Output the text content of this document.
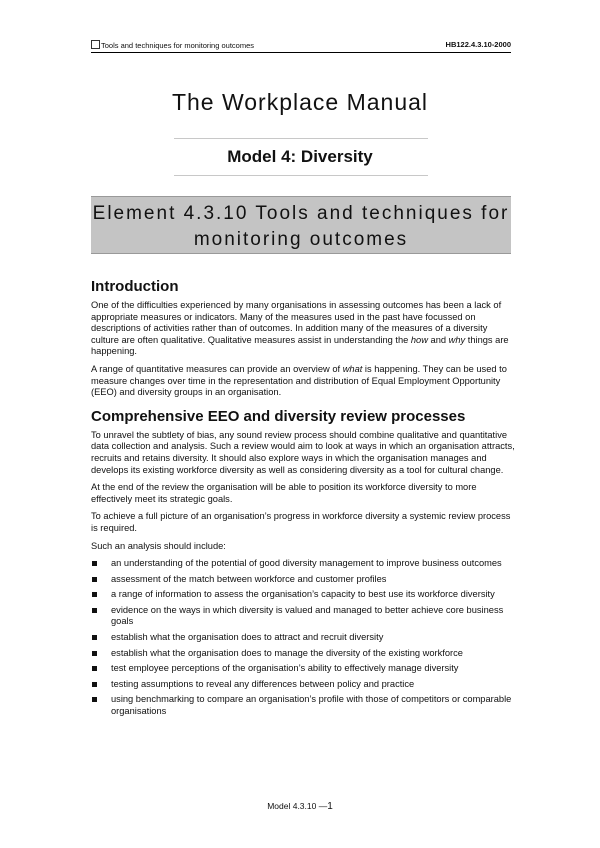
Tools and techniques for monitoring outcomes	HB122.4.3.10-2000
The Workplace Manual
Model 4: Diversity
Element 4.3.10 Tools and techniques for
monitoring outcomes
Introduction

One of the difficulties experienced by many organisations in assessing outcomes has been a lack of appropriate measures or indicators. Many of the measures used in the past have focussed on descriptions of activities rather than of outcomes. In addition many of the measures of a diversity culture are often qualitative. Qualitative measures assist in understanding the how and why things are happening.

A range of quantitative measures can provide an overview of what is happening. They can be used to measure changes over time in the representation and distribution of Equal Employment Opportunity (EEO) and diversity groups in an organisation.

Comprehensive EEO and diversity review processes

To unravel the subtlety of bias, any sound review process should combine qualitative and quantitative data collection and analysis. Such a review would aim to look at ways in which an organisation attracts, recruits and retains diversity. It should also explore ways in which the organisation manages and develops its existing workforce diversity as well as considering diversity as a tool for cultural change.

At the end of the review the organisation will be able to position its workforce diversity to more effectively meet its strategic goals.

To achieve a full picture of an organisation’s progress in workforce diversity a systemic review process is required.

Such an analysis should include:

an understanding of the potential of good diversity management to improve business outcomes
assessment of the match between workforce and customer profiles
a range of information to assess the organisation’s capacity to best use its workforce diversity
evidence on the ways in which diversity is valued and managed to better achieve core business goals
establish what the organisation does to attract and recruit diversity
establish what the organisation does to manage the diversity of the existing workforce
test employee perceptions of the organisation’s ability to effectively manage diversity
testing assumptions to reveal any differences between policy and practice
using benchmarking to compare an organisation’s profile with those of competitors or comparable organisations
Model 4.3.10 —1
